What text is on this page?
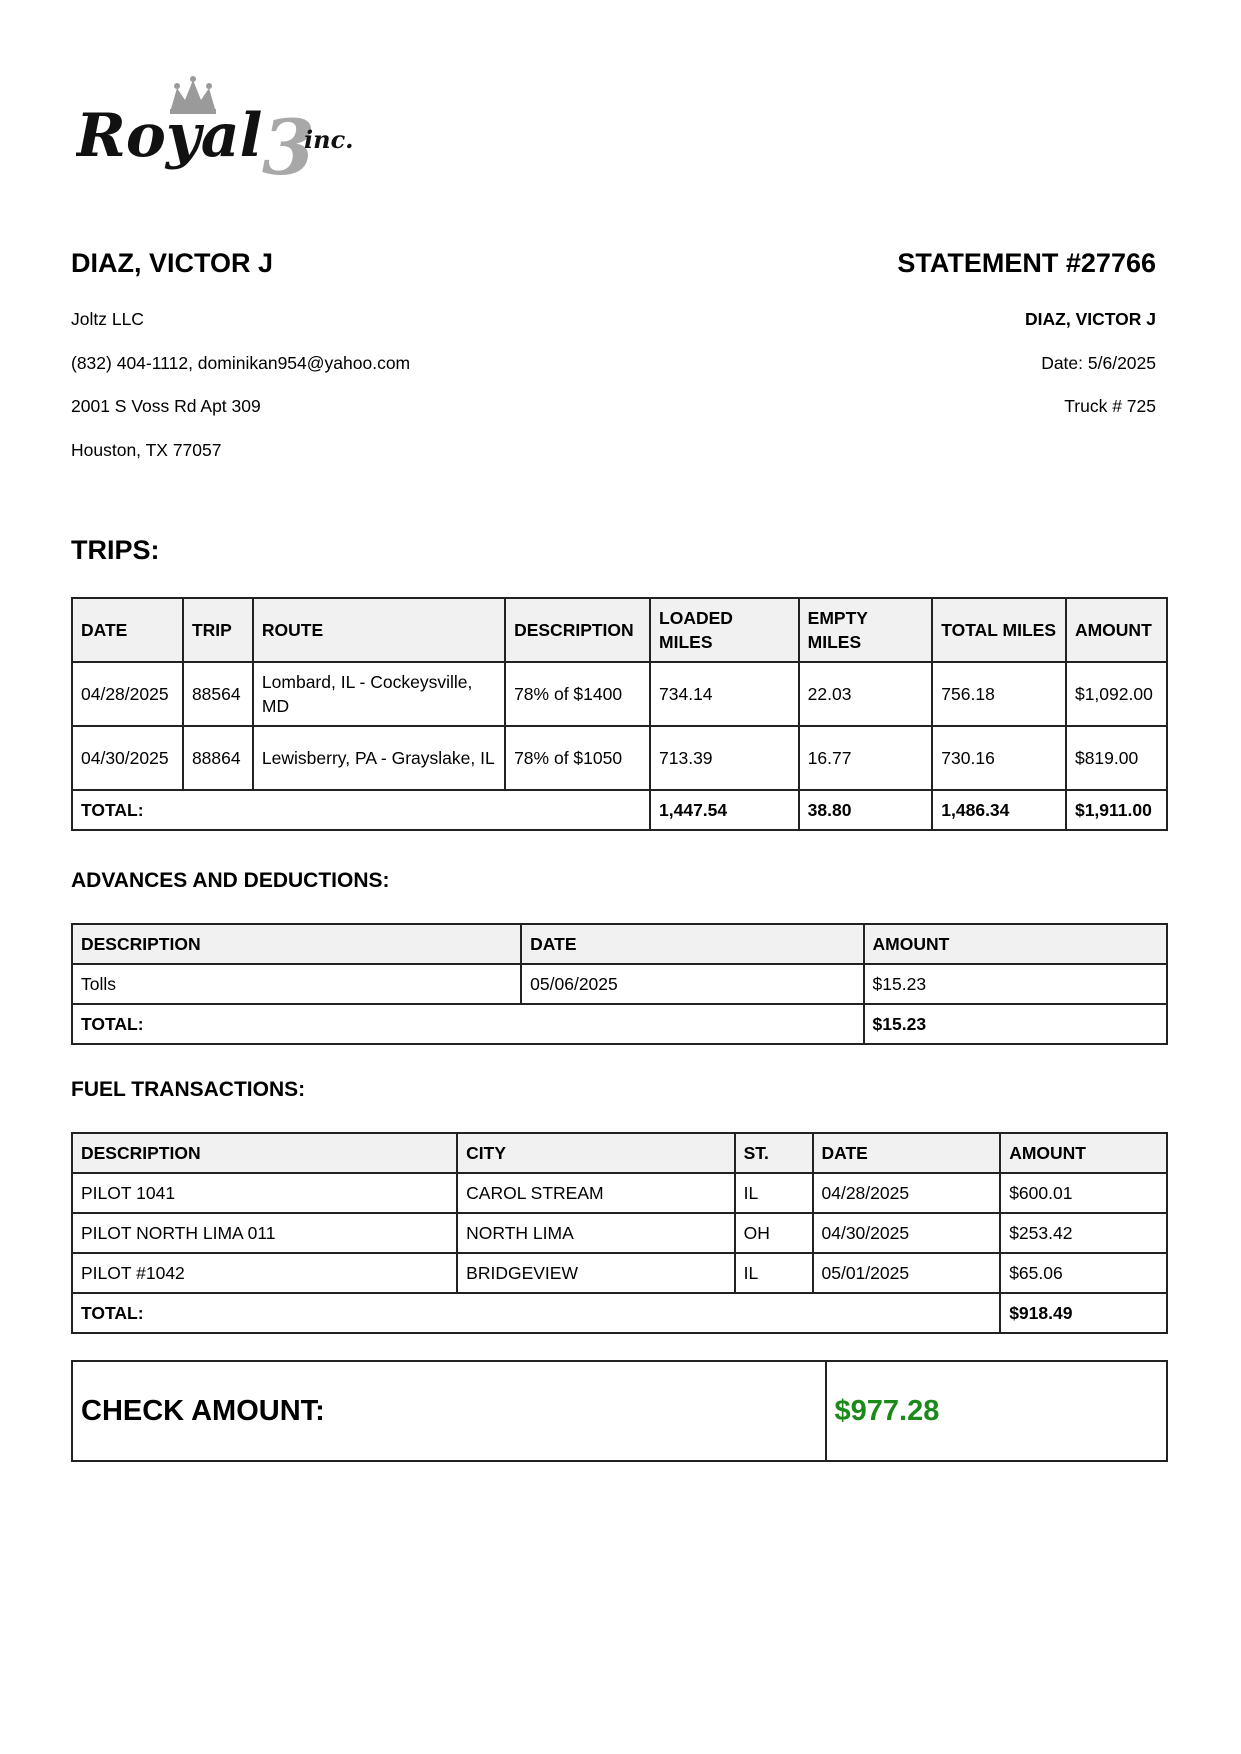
Royal 3
inc.
DIAZ, VICTOR J	STATEMENT #27766
Joltz LLC
(832) 404-1112, dominikan954@yahoo.com
2001 S Voss Rd Apt 309
Houston, TX 77057
DIAZ, VICTOR J
Date: 5/6/2025
Truck # 725
TRIPS:
DATE	TRIP	ROUTE	DESCRIPTION	LOADED MILES	EMPTY MILES	TOTAL MILES	AMOUNT
04/28/2025	88564	Lombard, IL - Cockeysville, MD	78% of $1400	734.14	22.03	756.18	$1,092.00
04/30/2025	88864	Lewisberry, PA - Grayslake, IL	78% of $1050	713.39	16.77	730.16	$819.00
TOTAL:				1,447.54	38.80	1,486.34	$1,911.00
ADVANCES AND DEDUCTIONS:
DESCRIPTION	DATE	AMOUNT
Tolls	05/06/2025	$15.23
TOTAL:		$15.23
FUEL TRANSACTIONS:
DESCRIPTION	CITY	ST.	DATE	AMOUNT
PILOT 1041	CAROL STREAM	IL	04/28/2025	$600.01
PILOT NORTH LIMA 011	NORTH LIMA	OH	04/30/2025	$253.42
PILOT #1042	BRIDGEVIEW	IL	05/01/2025	$65.06
TOTAL:				$918.49
CHECK AMOUNT:	$977.28
